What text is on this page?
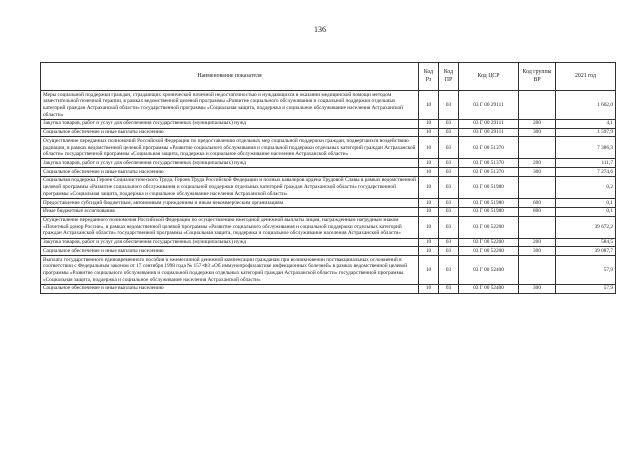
136
Наименование показателя	Код Рз	Код ПР	Код ЦСР	Код группы ВР	2021 год
Меры социальной поддержки граждан, страдающих хронической почечной недостаточностью и нуждающихся в оказании медицинской помощи методом заместительной почечной терапии, в рамках ведомственной целевой программы «Развитие социального обслуживания и социальной поддержки отдельных категорий граждан Астраханской области» государственной программы «Социальная защита, поддержка и социальное обслуживание населения Астраханской области»	10	03	03 Г 00 29111		1 602,0
Закупка товаров, работ и услуг для обеспечения государственных (муниципальных) нужд	10	03	03 Г 00 29111	200	4,1
Социальное обеспечение и иные выплаты населению	10	03	03 Г 00 29111	300	1 597,9
Осуществление переданных полномочий Российской Федерации по предоставлению отдельных мер социальной поддержки граждан, подвергшихся воздействию радиации, в рамках ведомственной целевой программы «Развитие социального обслуживания и социальной поддержки отдельных категорий граждан Астраханской области» государственной программы «Социальная защита, поддержка и социальное обслуживание населения Астраханской области»	10	03	03 Г 00 51370		7 386,3
Закупка товаров, работ и услуг для обеспечения государственных (муниципальных) нужд	10	03	03 Г 00 51370	200	111,7
Социальное обеспечение и иные выплаты населению	10	03	03 Г 00 51370	300	7 274,6
Социальная поддержка Героев Социалистического Труда, Героев Труда Российской Федерации и полных кавалеров ордена Трудовой Славы в рамках ведомственной целевой программы «Развитие социального обслуживания и социальной поддержки отдельных категорий граждан Астраханской области» государственной программы «Социальная защита, поддержка и социальное обслуживание населения Астраханской области»	10	03	03 Г 00 51980		0,2
Предоставление субсидий бюджетным, автономным учреждениям и иным некоммерческим организациям	10	03	03 Г 00 51980	600	0,1
Иные бюджетные ассигнования	10	03	03 Г 00 51980	800	0,1
Осуществление переданного полномочия Российской Федерации по осуществлению ежегодной денежной выплаты лицам, награжденным нагрудным знаком «Почетный донор России», в рамках ведомственной целевой программы «Развитие социального обслуживания и социальной поддержки отдельных категорий граждан Астраханской области» государственной программы «Социальная защита, поддержка и социальное обслуживание населения Астраханской области»	10	03	03 Г 00 52200		39 672,2
Закупка товаров, работ и услуг для обеспечения государственных (муниципальных) нужд	10	03	03 Г 00 52200	200	584,5
Социальное обеспечение и иные выплаты населению	10	03	03 Г 00 52200	300	39 087,7
Выплата государственного единовременного пособия и ежемесячной денежной компенсации гражданам при возникновении поствакцинальных осложнений в соответствии с Федеральным законом от 17 сентября 1998 года № 157-ФЗ «Об иммунопрофилактике инфекционных болезней» в рамках ведомственной целевой программы «Развитие социального обслуживания и социальной поддержки отдельных категорий граждан Астраханской области» государственной программы «Социальная защита, поддержка и социальное обслуживание населения Астраханской области»	10	03	03 Г 00 52400		57,9
Социальное обеспечение и иные выплаты населению	10	03	03 Г 00 52400	300	57,9
